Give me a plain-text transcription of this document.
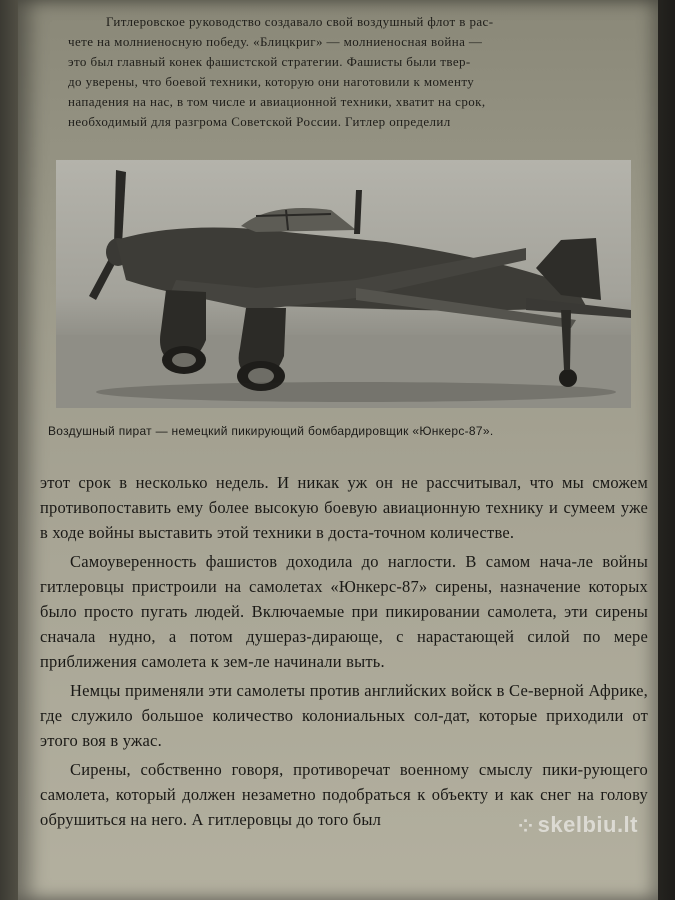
Гитлеровское руководство создавало свой воздушный флот в рас-
чете на молниеносную победу. «Блицкриг» — молниеносная война —
это был главный конек фашистской стратегии. Фашисты были твер-
до уверены, что боевой техники, которую они наготовили к моменту
нападения на нас, в том числе и авиационной техники, хватит на срок,
необходимый для разгрома Советской России. Гитлер определил

Воздушный пират — немецкий пикирующий бомбардировщик «Юнкерс-87».

этот срок в несколько недель. И никак уж он не рассчитывал, что мы сможем противопоставить ему более высокую боевую авиационную технику и сумеем уже в ходе войны выставить этой техники в доста-точном количестве.

Самоуверенность фашистов доходила до наглости. В самом нача-ле войны гитлеровцы пристроили на самолетах «Юнкерс-87» сирены, назначение которых было просто пугать людей. Включаемые при пикировании самолета, эти сирены сначала нудно, а потом душераз-дирающе, с нарастающей силой по мере приближения самолета к зем-ле начинали выть.

Немцы применяли эти самолеты против английских войск в Се-верной Африке, где служило большое количество колониальных сол-дат, которые приходили от этого воя в ужас.

Сирены, собственно говоря, противоречат военному смыслу пики-рующего самолета, который должен незаметно подобраться к объекту и как снег на голову обрушиться на него. А гитлеровцы до того был	⁘ skelbiu.lt
